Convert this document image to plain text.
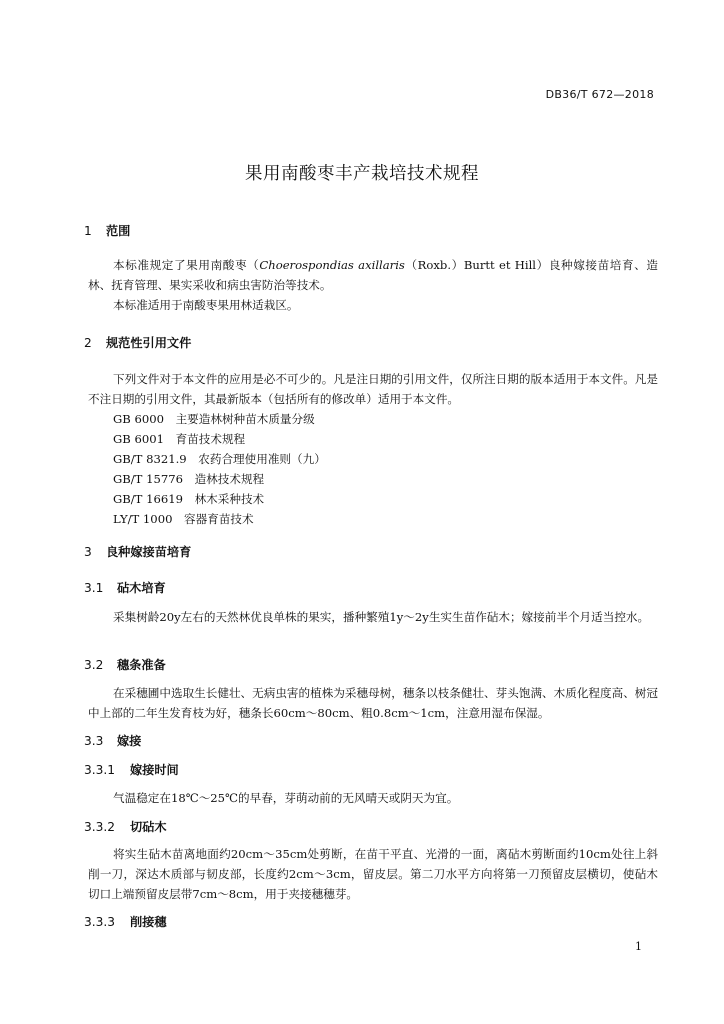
DB36/T 672—2018
果用南酸枣丰产栽培技术规程
1 范围
本标准规定了果用南酸枣（Choerospondias axillaris（Roxb.）Burtt et Hill）良种嫁接苗培育、造林、抚育管理、果实采收和病虫害防治等技术。
本标准适用于南酸枣果用林适栽区。
2 规范性引用文件
下列文件对于本文件的应用是必不可少的。凡是注日期的引用文件，仅所注日期的版本适用于本文件。凡是不注日期的引用文件，其最新版本（包括所有的修改单）适用于本文件。
GB 6000　主要造林树种苗木质量分级
GB 6001　育苗技术规程
GB/T 8321.9　农药合理使用准则（九）
GB/T 15776　造林技术规程
GB/T 16619　林木采种技术
LY/T 1000　容器育苗技术
3 良种嫁接苗培育
3.1 砧木培育
采集树龄20y左右的天然林优良单株的果实，播种繁殖1y～2y生实生苗作砧木；嫁接前半个月适当控水。
3.2 穗条准备
在采穗圃中选取生长健壮、无病虫害的植株为采穗母树，穗条以枝条健壮、芽头饱满、木质化程度高、树冠中上部的二年生发育枝为好，穗条长60cm～80cm、粗0.8cm～1cm，注意用湿布保湿。
3.3 嫁接
3.3.1 嫁接时间
气温稳定在18℃～25℃的早春，芽萌动前的无风晴天或阴天为宜。
3.3.2 切砧木
将实生砧木苗离地面约20cm～35cm处剪断，在苗干平直、光滑的一面，离砧木剪断面约10cm处往上斜削一刀，深达木质部与韧皮部，长度约2cm～3cm，留皮层。第二刀水平方向将第一刀预留皮层横切，使砧木切口上端预留皮层带7cm～8cm，用于夹接穗穗芽。
3.3.3 削接穗
1
